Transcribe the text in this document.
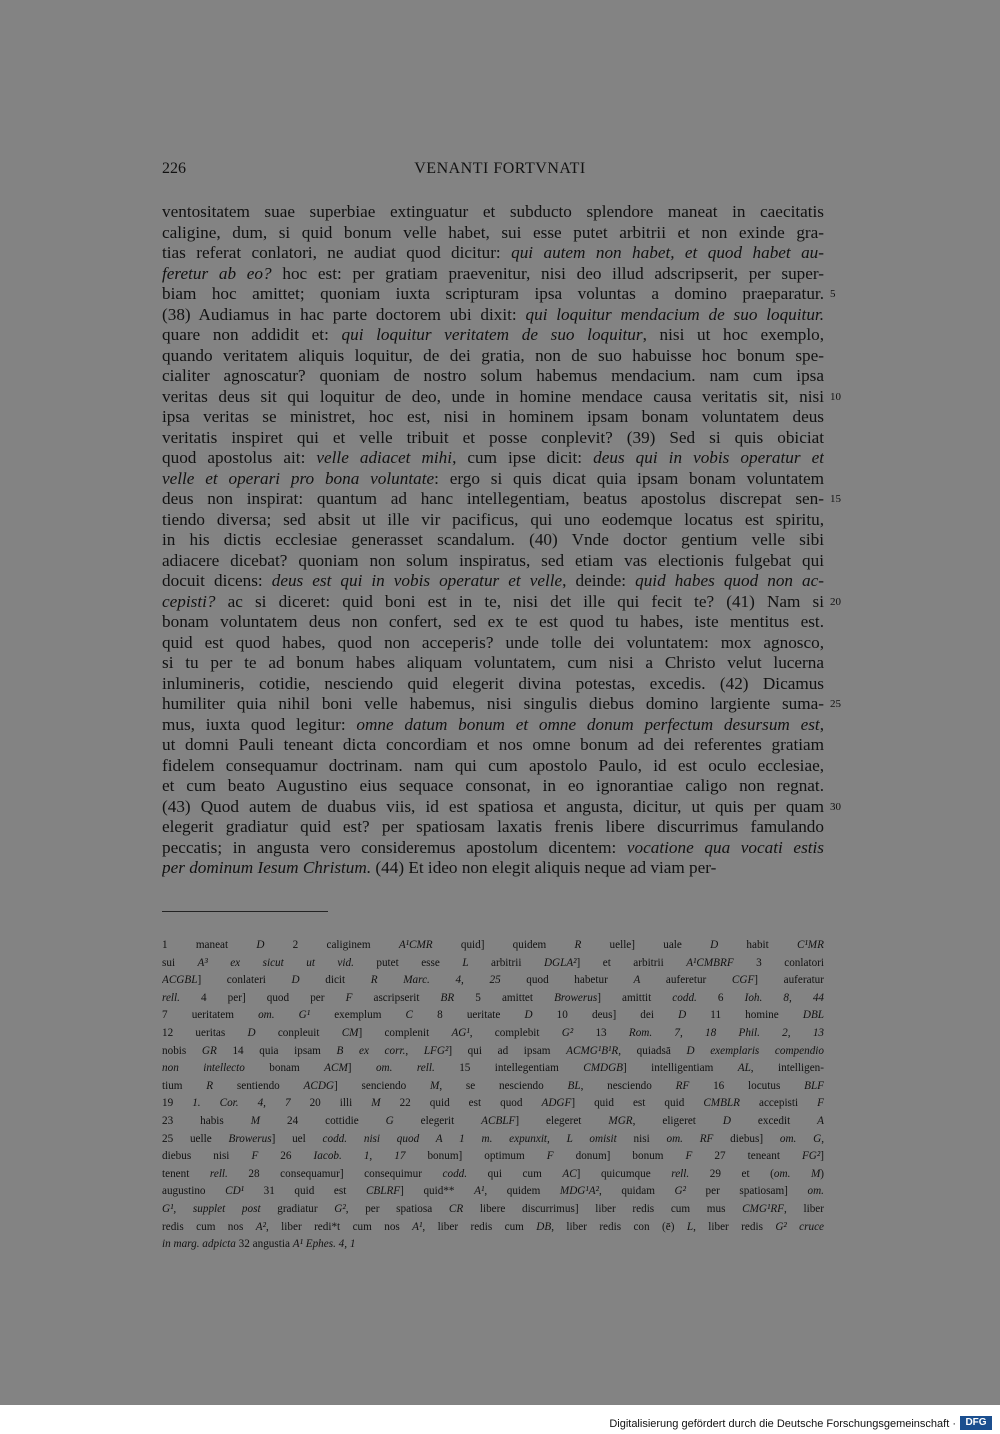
226	VENANTI FORTVNATI
ventositatem suae superbiae extinguatur et subducto splendore maneat in caecitatis
caligine, dum, si quid bonum velle habet, sui esse putet arbitrii et non exinde gra-
tias referat conlatori, ne audiat quod dicitur: qui autem non habet, et quod habet au-
feretur ab eo? hoc est: per gratiam praevenitur, nisi deo illud adscripserit, per super-
biam hoc amittet; quoniam iuxta scripturam ipsa voluntas a domino praeparatur.
(38) Audiamus in hac parte doctorem ubi dixit: qui loquitur mendacium de suo loquitur.
quare non addidit et: qui loquitur veritatem de suo loquitur, nisi ut hoc exemplo,
quando veritatem aliquis loquitur, de dei gratia, non de suo habuisse hoc bonum spe-
cialiter agnoscatur? quoniam de nostro solum habemus mendacium. nam cum ipsa
veritas deus sit qui loquitur de deo, unde in homine mendace causa veritatis sit, nisi
ipsa veritas se ministret, hoc est, nisi in hominem ipsam bonam voluntatem deus
veritatis inspiret qui et velle tribuit et posse conplevit? (39) Sed si quis obiciat
quod apostolus ait: velle adiacet mihi, cum ipse dicit: deus qui in vobis operatur et
velle et operari pro bona voluntate: ergo si quis dicat quia ipsam bonam voluntatem
deus non inspirat: quantum ad hanc intellegentiam, beatus apostolus discrepat sen-
tiendo diversa; sed absit ut ille vir pacificus, qui uno eodemque locatus est spiritu,
in his dictis ecclesiae generasset scandalum. (40) Vnde doctor gentium velle sibi
adiacere dicebat? quoniam non solum inspiratus, sed etiam vas electionis fulgebat qui
docuit dicens: deus est qui in vobis operatur et velle, deinde: quid habes quod non ac-
cepisti? ac si diceret: quid boni est in te, nisi det ille qui fecit te? (41) Nam si
bonam voluntatem deus non confert, sed ex te est quod tu habes, iste mentitus est.
quid est quod habes, quod non acceperis? unde tolle dei voluntatem: mox agnosco,
si tu per te ad bonum habes aliquam voluntatem, cum nisi a Christo velut lucerna
inlumineris, cotidie, nesciendo quid elegerit divina potestas, excedis. (42) Dicamus
humiliter quia nihil boni velle habemus, nisi singulis diebus domino largiente suma-
mus, iuxta quod legitur: omne datum bonum et omne donum perfectum desursum est,
ut domni Pauli teneant dicta concordiam et nos omne bonum ad dei referentes gratiam
fidelem consequamur doctrinam. nam qui cum apostolo Paulo, id est oculo ecclesiae,
et cum beato Augustino eius sequace consonat, in eo ignorantiae caligo non regnat.
(43) Quod autem de duabus viis, id est spatiosa et angusta, dicitur, ut quis per quam
elegerit gradiatur quid est? per spatiosam laxatis frenis libere discurrimus famulando
peccatis; in angusta vero consideremus apostolum dicentem: vocatione qua vocati estis
per dominum Iesum Christum. (44) Et ideo non elegit aliquis neque ad viam per-
5
10
15
20
25
30
1 maneat D 2 caliginem A¹CMR quid] quidem R uelle] uale D habit C¹MR
sui A³ ex sicut ut vid. putet esse L arbitrii DGLA²] et arbitrii A¹CMBRF 3 conlatori
ACGBL] conlateri D dicit R Marc. 4, 25 quod habetur A auferetur CGF] auferatur
rell. 4 per] quod per F ascripserit BR 5 amittet Browerus] amittit codd. 6 Ioh. 8, 44
7 ueritatem om. G¹ exemplum C 8 ueritate D 10 deus] dei D 11 homine DBL
12 ueritas D conpleuit CM] complenit AG¹, complebit G² 13 Rom. 7, 18 Phil. 2, 13
nobis GR 14 quia ipsam B ex corr., LFG²] qui ad ipsam ACMG¹B¹R, quiadsā D exemplaris compendio
non intellecto bonam ACM] om. rell. 15 intellegentiam CMDGB] intelligentiam AL, intelligen-
tium R sentiendo ACDG] senciendo M, se nesciendo BL, nesciendo RF 16 locutus BLF
19 1. Cor. 4, 7 20 illi M 22 quid est quod ADGF] quid est quid CMBLR accepisti F
23 habis M 24 cottidie G elegerit ACBLF] elegeret MGR, eligeret D excedit A
25 uelle Browerus] uel codd. nisi quod A 1 m. expunxit, L omisit nisi om. RF diebus] om. G,
diebus nisi F 26 Iacob. 1, 17 bonum] optimum F donum] bonum F 27 teneant FG²]
tenent rell. 28 consequamur] consequimur codd. qui cum AC] quicumque rell. 29 et (om. M)
augustino CD¹ 31 quid est CBLRF] quid** A¹, quidem MDG¹A², quidam G² per spatiosam] om.
G¹, supplet post gradiatur G², per spatiosa CR libere discurrimus] liber redis cum mus CMG¹RF, liber
redis cum nos A², liber redi*t cum nos A¹, liber redis cum DB, liber redis con (ē) L, liber redis G² cruce
in marg. adpicta 32 angustia A¹ Ephes. 4, 1
Digitalisierung gefördert durch die Deutsche Forschungsgemeinschaft · DFG
